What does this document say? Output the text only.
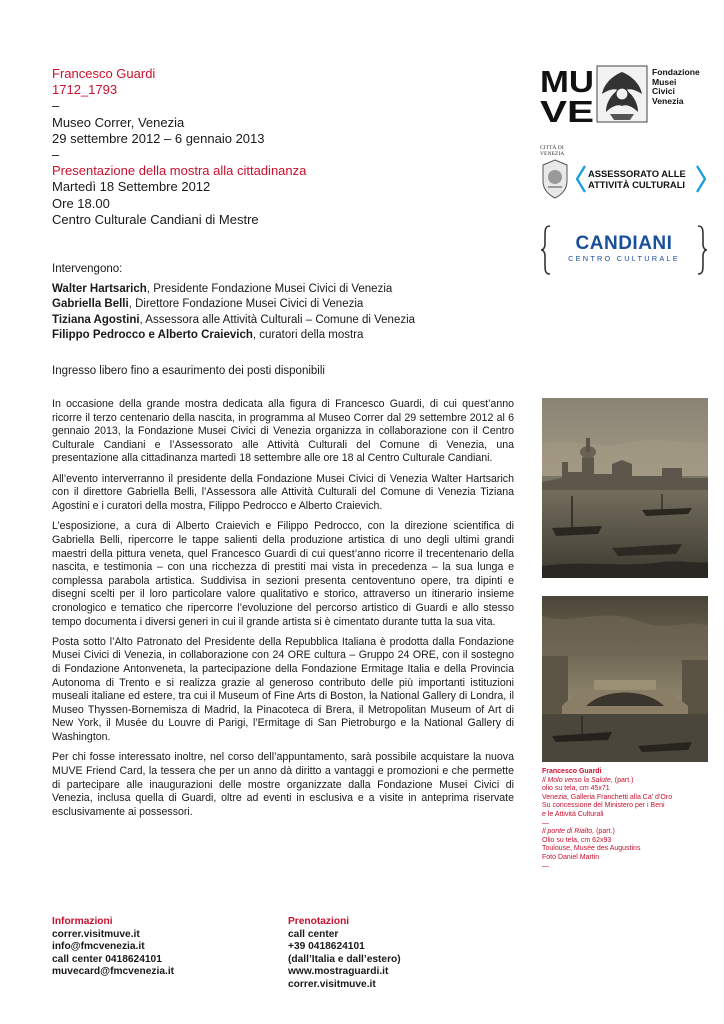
Francesco Guardi
1712_1793
–
Museo Correr, Venezia
29 settembre 2012 – 6 gennaio 2013
–
Presentazione della mostra alla cittadinanza
Martedì 18 Settembre 2012
Ore 18.00
Centro Culturale Candiani di Mestre
Intervengono:
Walter Hartsarich, Presidente Fondazione Musei Civici di Venezia
Gabriella Belli, Direttore Fondazione Musei Civici di Venezia
Tiziana Agostini, Assessora alle Attività Culturali – Comune di Venezia
Filippo Pedrocco e Alberto Craievich, curatori della mostra
Ingresso libero fino a esaurimento dei posti disponibili

In occasione della grande mostra dedicata alla figura di Francesco Guardi, di cui quest’anno ricorre il terzo centenario della nascita, in programma al Museo Correr dal 29 settembre 2012 al 6 gennaio 2013, la Fondazione Musei Civici di Venezia organizza in collaborazione con il Centro Culturale Candiani e l’Assessorato alle Attività Culturali del Comune di Venezia, una presentazione alla cittadinanza martedì 18 settembre alle ore 18 al Centro Culturale Candiani.

All’evento interverranno il presidente della Fondazione Musei Civici di Venezia Walter Hartsarich con il direttore Gabriella Belli, l’Assessora alle Attività Culturali del Comune di Venezia Tiziana Agostini e i curatori della mostra, Filippo Pedrocco e Alberto Craievich.

L’esposizione, a cura di Alberto Craievich e Filippo Pedrocco, con la direzione scientifica di Gabriella Belli, ripercorre le tappe salienti della produzione artistica di uno degli ultimi grandi maestri della pittura veneta, quel Francesco Guardi di cui quest’anno ricorre il trecentenario della nascita, e testimonia – con una ricchezza di prestiti mai vista in precedenza – la sua lunga e complessa parabola artistica. Suddivisa in sezioni presenta centoventuno opere, tra dipinti e disegni scelti per il loro particolare valore qualitativo e storico, attraverso un itinerario insieme cronologico e tematico che ripercorre l’evoluzione del percorso artistico di Guardi e allo stesso tempo documenta i diversi generi in cui il grande artista si è cimentato durante tutta la sua vita.

Posta sotto l’Alto Patronato del Presidente della Repubblica Italiana è prodotta dalla Fondazione Musei Civici di Venezia, in collaborazione con 24 ORE cultura – Gruppo 24 ORE, con il sostegno di Fondazione Antonveneta, la partecipazione della Fondazione Ermitage Italia e della Provincia Autonoma di Trento e si realizza grazie al generoso contributo delle più importanti istituzioni museali italiane ed estere, tra cui il Museum of Fine Arts di Boston, la National Gallery di Londra, il Museo Thyssen-Bornemisza di Madrid, la Pinacoteca di Brera, il Metropolitan Museum of Art di New York, il Musée du Louvre di Parigi, l’Ermitage di San Pietroburgo e la National Gallery di Washington.

Per chi fosse interessato inoltre, nel corso dell’appuntamento, sarà possibile acquistare la nuova MUVE Friend Card, la tessera che per un anno dà diritto a vantaggi e promozioni e che permette di partecipare alle inaugurazioni delle mostre organizzate dalla Fondazione Musei Civici di Venezia, inclusa quella di Guardi, oltre ad eventi in esclusiva e a visite in anteprima riservate esclusivamente ai possessori.

Informazioni
correr.visitmuve.it
info@fmcvenezia.it
call center 0418624101
muvecard@fmcvenezia.it
Prenotazioni
call center
+39 0418624101
(dall’Italia e dall’estero)
www.mostraguardi.it
correr.visitmuve.it
MU
VE
Fondazione
Musei
Civici
Venezia
CITTÀ DI
VENEZIA
ASSESSORATO ALLE
ATTIVITÀ CULTURALI
CANDIANI
CENTRO CULTURALE
Francesco Guardi
Il Molo verso la Salute, (part.)
olio su tela, cm 45x71
Venezia, Galleria Franchetti alla Ca’ d’Oro
Su concessione del Ministero per i Beni
e le Attività Culturali
—
Il ponte di Rialto, (part.)
Olio su tela, cm 62x93
Toulouse, Musée des Augustins
Foto Daniel Martin
—
